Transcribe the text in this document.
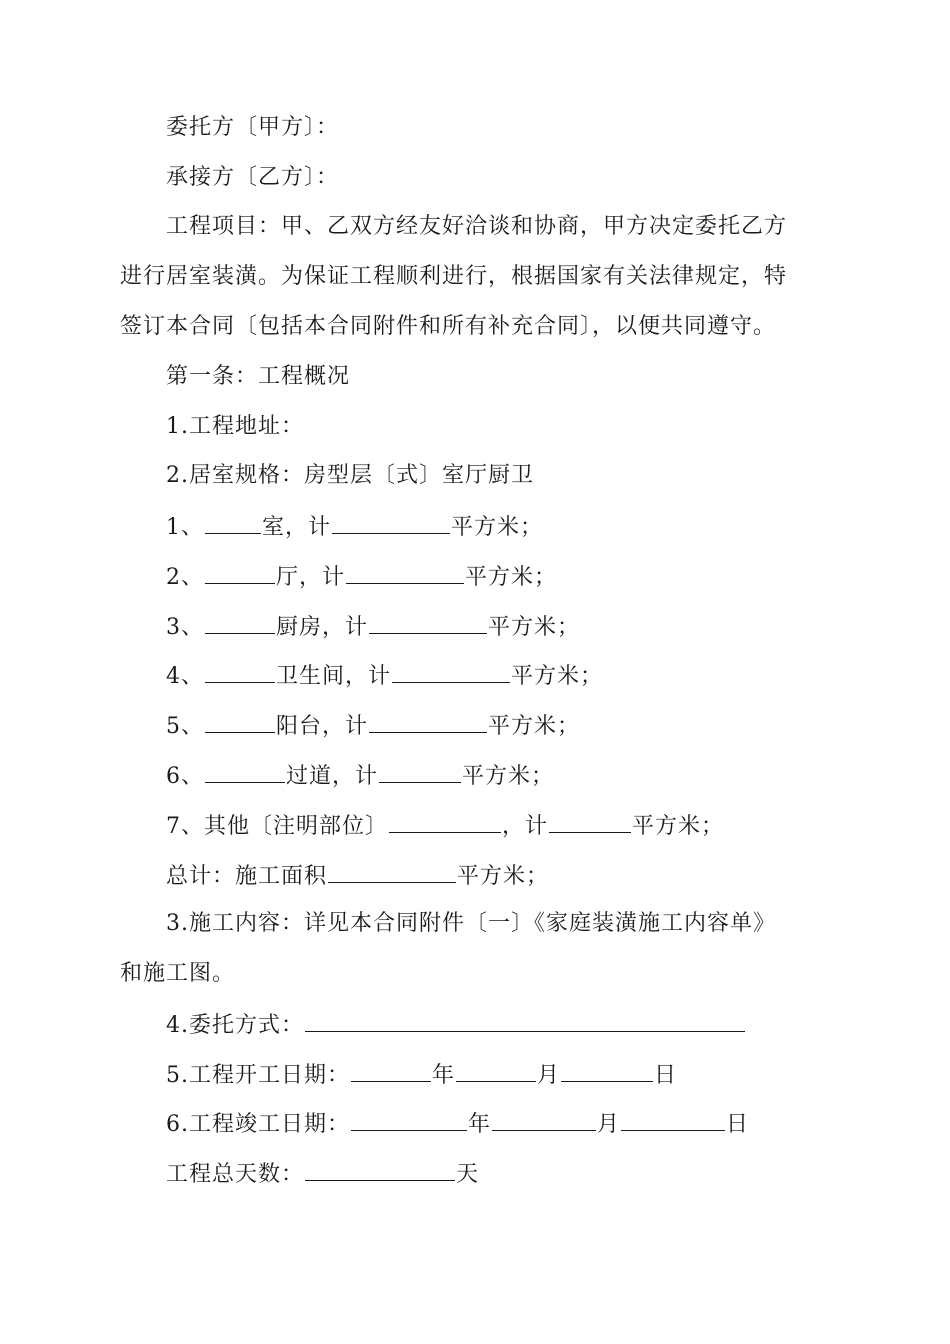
委托方〔甲方〕：
承接方〔乙方〕：
工程项目：甲、乙双方经友好洽谈和协商，甲方决定委托乙方
进行居室装潢。为保证工程顺利进行，根据国家有关法律规定，特
签订本合同〔包括本合同附件和所有补充合同〕，以便共同遵守。
第一条：工程概况
1.工程地址：
2.居室规格：房型层〔式〕室厅厨卫
1、	室，计	平方米；
2、	厅，计	平方米；
3、	厨房，计	平方米；
4、	卫生间，计	平方米；
5、	阳台，计	平方米；
6、	过道，计	平方米；
7、其他〔注明部位〕	，计	平方米；
总计：施工面积	平方米；
3.施工内容：详见本合同附件〔一〕《家庭装潢施工内容单》
和施工图。
4.委托方式：
5.工程开工日期：	年	月	日
6.工程竣工日期：	年	月	日
工程总天数：	天
